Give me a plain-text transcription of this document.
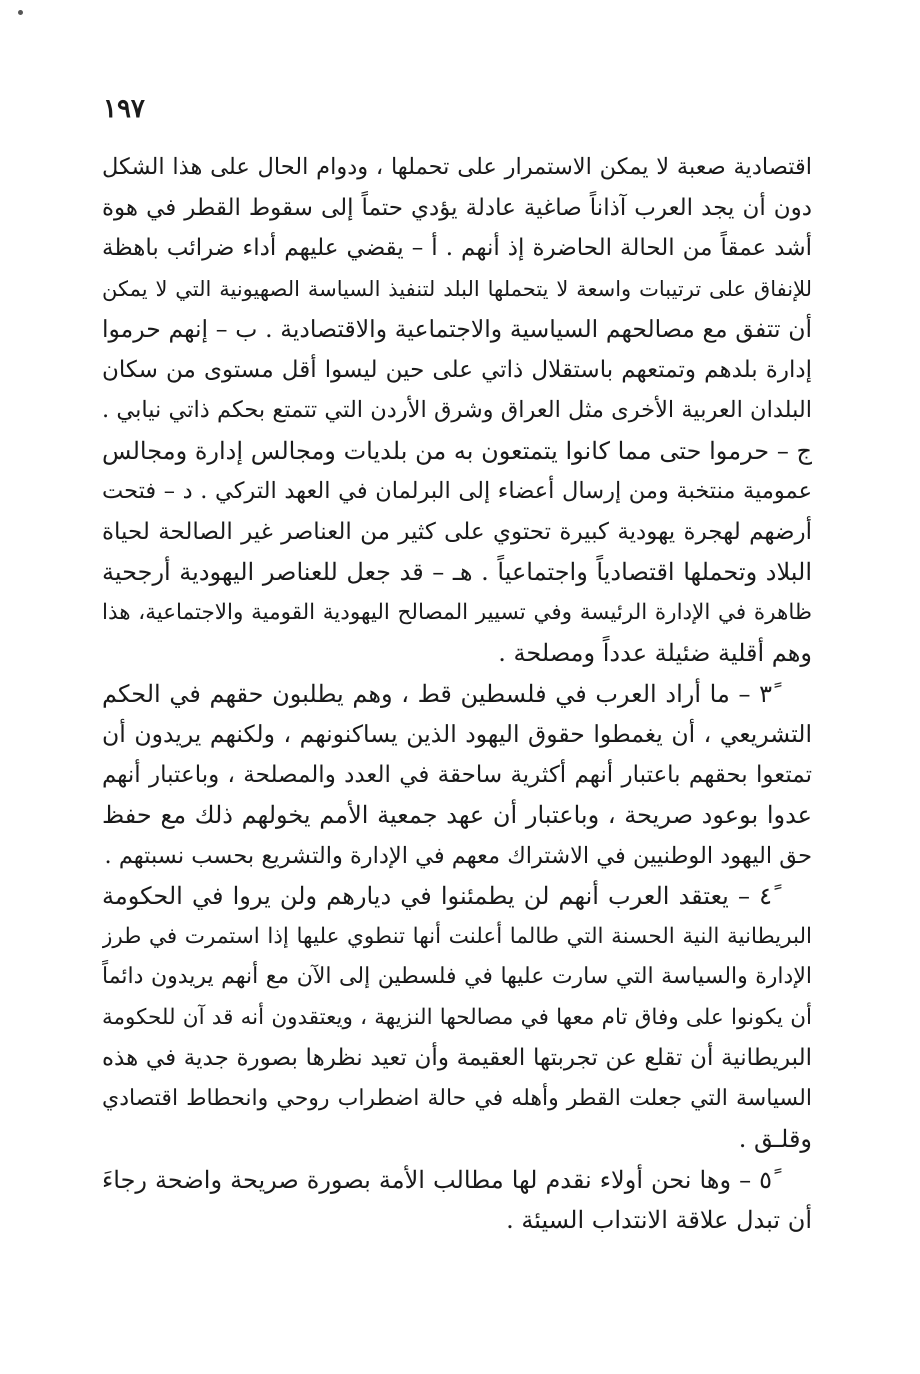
١٩٧
اقتصادية صعبة لا يمكن الاستمرار على تحملها ، ودوام الحال على هذا الشكل
دون أن يجد العرب آذاناً صاغية عادلة يؤدي حتماً إلى سقوط القطر في هوة
أشد عمقاً من الحالة الحاضرة إذ أنهم . أ – يقضي عليهم أداء ضرائب باهظة
للإنفاق على ترتيبات واسعة لا يتحملها البلد لتنفيذ السياسة الصهيونية التي لا يمكن
أن تتفق مع مصالحهم السياسية والاجتماعية والاقتصادية . ب – إنهم حرموا
إدارة بلدهم وتمتعهم باستقلال ذاتي على حين ليسوا أقل مستوى من سكان
البلدان العربية الأخرى مثل العراق وشرق الأردن التي تتمتع بحكم ذاتي نيابي .
ج – حرموا حتى مما كانوا يتمتعون به من بلديات ومجالس إدارة ومجالس
عمومية منتخبة ومن إرسال أعضاء إلى البرلمان في العهد التركي . د – فتحت
أرضهم لهجرة يهودية كبيرة تحتوي على كثير من العناصر غير الصالحة لحياة
البلاد وتحملها اقتصادياً واجتماعياً . هـ – قد جعل للعناصر اليهودية أرجحية
ظاهرة في الإدارة الرئيسة وفي تسيير المصالح اليهودية القومية والاجتماعية، هذا
وهم أقلية ضئيلة عدداً ومصلحة .
٣ً – ما أراد العرب في فلسطين قط ، وهم يطلبون حقهم في الحكم
التشريعي ، أن يغمطوا حقوق اليهود الذين يساكنونهم ، ولكنهم يريدون أن
تمتعوا بحقهم باعتبار أنهم أكثرية ساحقة في العدد والمصلحة ، وباعتبار أنهم
عدوا بوعود صريحة ، وباعتبار أن عهد جمعية الأمم يخولهم ذلك مع حفظ
حق اليهود الوطنيين في الاشتراك معهم في الإدارة والتشريع بحسب نسبتهم .
٤ً – يعتقد العرب أنهم لن يطمئنوا في ديارهم ولن يروا في الحكومة
البريطانية النية الحسنة التي طالما أعلنت أنها تنطوي عليها إذا استمرت في طرز
الإدارة والسياسة التي سارت عليها في فلسطين إلى الآن مع أنهم يريدون دائماً
أن يكونوا على وفاق تام معها في مصالحها النزيهة ، ويعتقدون أنه قد آن للحكومة
البريطانية أن تقلع عن تجربتها العقيمة وأن تعيد نظرها بصورة جدية في هذه
السياسة التي جعلت القطر وأهله في حالة اضطراب روحي وانحطاط اقتصادي
وقلـق .
٥ً – وها نحن أولاء نقدم لها مطالب الأمة بصورة صريحة واضحة رجاءَ
أن تبدل علاقة الانتداب السيئة .
